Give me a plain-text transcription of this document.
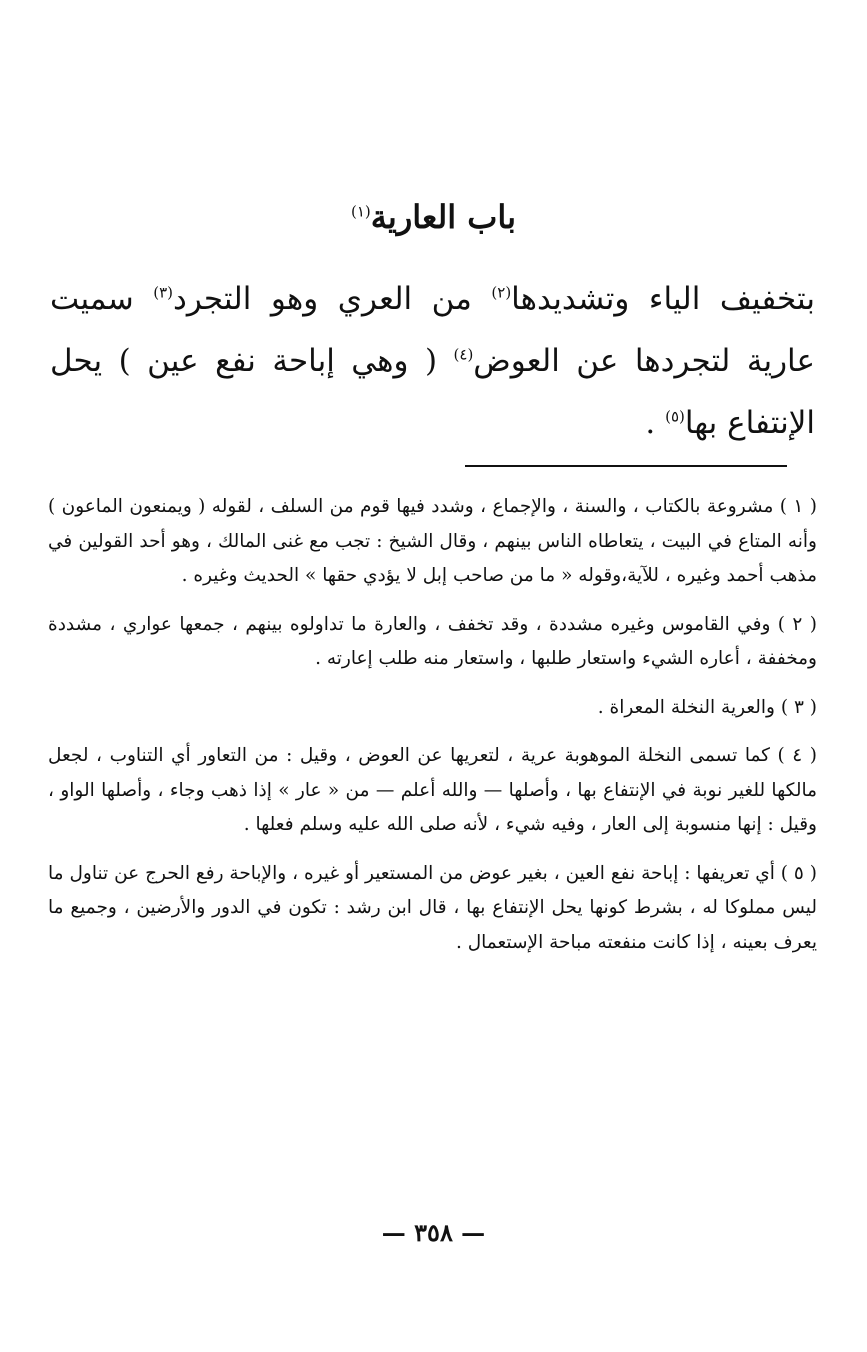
باب العارية$^{(١)}$

بتخفيف الياء وتشديدها$^{(٢)}$ من العري وهو التجرد$^{(٣)}$ سميت عارية لتجردها عن العوض$^{(٤)}$ ( وهي إباحة نفع عين ) يحل الإنتفاع بها$^{(٥)}$ .

( ١ ) مشروعة بالكتاب ، والسنة ، والإجماع ، وشدد فيها قوم من السلف ، لقوله ( ويمنعون الماعون ) وأنه المتاع في البيت ، يتعاطاه الناس بينهم ، وقال الشيخ : تجب مع غنى المالك ، وهو أحد القولين في مذهب أحمد وغيره ، للآية،وقوله « ما من صاحب إبل لا يؤدي حقها » الحديث وغيره .

( ٢ ) وفي القاموس وغيره مشددة ، وقد تخفف ، والعارة ما تداولوه بينهم ، جمعها عواري ، مشددة ومخففة ، أعاره الشيء واستعار طلبها ، واستعار منه طلب إعارته .

( ٣ ) والعرية النخلة المعراة .

( ٤ ) كما تسمى النخلة الموهوبة عرية ، لتعريها عن العوض ، وقيل : من التعاور أي التناوب ، لجعل مالكها للغير نوبة في الإنتفاع بها ، وأصلها — والله أعلم — من « عار » إذا ذهب وجاء ، وأصلها الواو ، وقيل : إنها منسوبة إلى العار ، وفيه شيء ، لأنه صلى الله عليه وسلم فعلها .

( ٥ ) أي تعريفها : إباحة نفع العين ، بغير عوض من المستعير أو غيره ، والإباحة رفع الحرج عن تناول ما ليس مملوكا له ، بشرط كونها يحل الإنتفاع بها ، قال ابن رشد : تكون في الدور والأرضين ، وجميع ما يعرف بعينه ، إذا كانت منفعته مباحة الإستعمال .

— ٣٥٨ —
